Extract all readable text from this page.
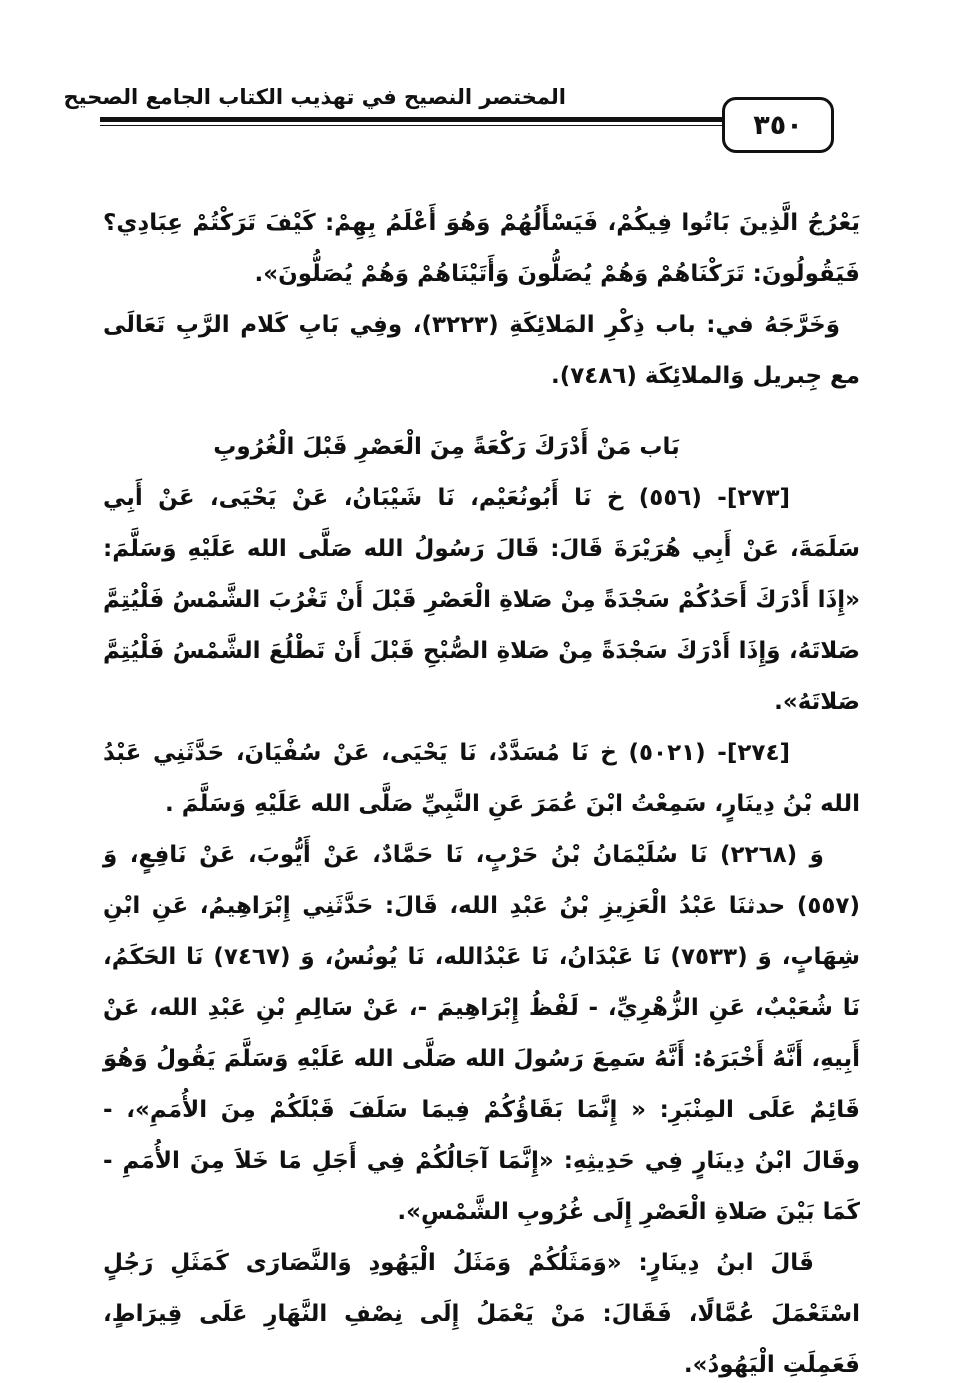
المختصر النصيح في تهذيب الكتاب الجامع الصحيح
٣٥٠

يَعْرُجُ الَّذِينَ بَاتُوا فِيكُمْ، فَيَسْأَلُهُمْ وَهُوَ أَعْلَمُ بِهِمْ: كَيْفَ تَرَكْتُمْ عِبَادِي؟ فَيَقُولُونَ: تَرَكْنَاهُمْ وَهُمْ يُصَلُّونَ وَأَتَيْنَاهُمْ وَهُمْ يُصَلُّونَ».

وَخَرَّجَهُ في: باب ذِكْرِ المَلائِكَةِ (٣٢٢٣)، وفِي بَابِ كَلام الرَّبِ تَعَالَى مع جِبريل وَالملائِكَة (٧٤٨٦).

بَاب مَنْ أَدْرَكَ رَكْعَةً مِنَ الْعَصْرِ قَبْلَ الْغُرُوبِ

[٢٧٣]- (٥٥٦) خ نَا أَبُونُعَيْم، نَا شَيْبَانُ، عَنْ يَحْيَى، عَنْ أَبِي سَلَمَةَ، عَنْ أَبِي هُرَيْرَةَ قَالَ: قَالَ رَسُولُ الله صَلَّى الله عَلَيْهِ وَسَلَّمَ: «إِذَا أَدْرَكَ أَحَدُكُمْ سَجْدَةً مِنْ صَلاةِ الْعَصْرِ قَبْلَ أَنْ تَغْرُبَ الشَّمْسُ فَلْيُتِمَّ صَلاتَهُ، وَإِذَا أَدْرَكَ سَجْدَةً مِنْ صَلاةِ الصُّبْحِ قَبْلَ أَنْ تَطْلُعَ الشَّمْسُ فَلْيُتِمَّ صَلاتَهُ».

[٢٧٤]- (٥٠٢١) خ نَا مُسَدَّدٌ، نَا يَحْيَى، عَنْ سُفْيَانَ، حَدَّثَنِي عَبْدُ الله بْنُ دِينَارٍ، سَمِعْتُ ابْنَ عُمَرَ عَنِ النَّبِيِّ صَلَّى الله عَلَيْهِ وَسَلَّمَ .

وَ (٢٢٦٨) نَا سُلَيْمَانُ بْنُ حَرْبٍ، نَا حَمَّادٌ، عَنْ أَيُّوبَ، عَنْ نَافِعٍ، وَ (٥٥٧) حدثنَا عَبْدُ الْعَزِيزِ بْنُ عَبْدِ الله، قَالَ: حَدَّثَنِي إِبْرَاهِيمُ، عَنِ ابْنِ شِهَابٍ، وَ (٧٥٣٣) نَا عَبْدَانُ، نَا عَبْدُالله، نَا يُونُسُ، وَ (٧٤٦٧) نَا الحَكَمُ، نَا شُعَيْبٌ، عَنِ الزُّهْرِيِّ، - لَفْظُ إِبْرَاهِيمَ -، عَنْ سَالِمِ بْنِ عَبْدِ الله، عَنْ أَبِيهِ، أَنَّهُ أَخْبَرَهُ: أَنَّهُ سَمِعَ رَسُولَ الله صَلَّى الله عَلَيْهِ وَسَلَّمَ يَقُولُ وَهُوَ قَائِمٌ عَلَى المِنْبَرِ: « إِنَّمَا بَقَاؤُكُمْ فِيمَا سَلَفَ قَبْلَكُمْ مِنَ الأُمَمِ»، - وقَالَ ابْنُ دِينَارٍ فِي حَدِيثِهِ: «إِنَّمَا آجَالُكُمْ فِي أَجَلِ مَا خَلاَ مِنَ الأُمَمِ - كَمَا بَيْنَ صَلاةِ الْعَصْرِ إِلَى غُرُوبِ الشَّمْسِ».

قَالَ ابنُ دِينَارٍ: «وَمَثَلُكُمْ وَمَثَلُ الْيَهُودِ وَالنَّصَارَى كَمَثَلِ رَجُلٍ اسْتَعْمَلَ عُمَّالًا، فَقَالَ: مَنْ يَعْمَلُ إِلَى نِصْفِ النَّهَارِ عَلَى قِيرَاطٍ، فَعَمِلَتِ الْيَهُودُ».
